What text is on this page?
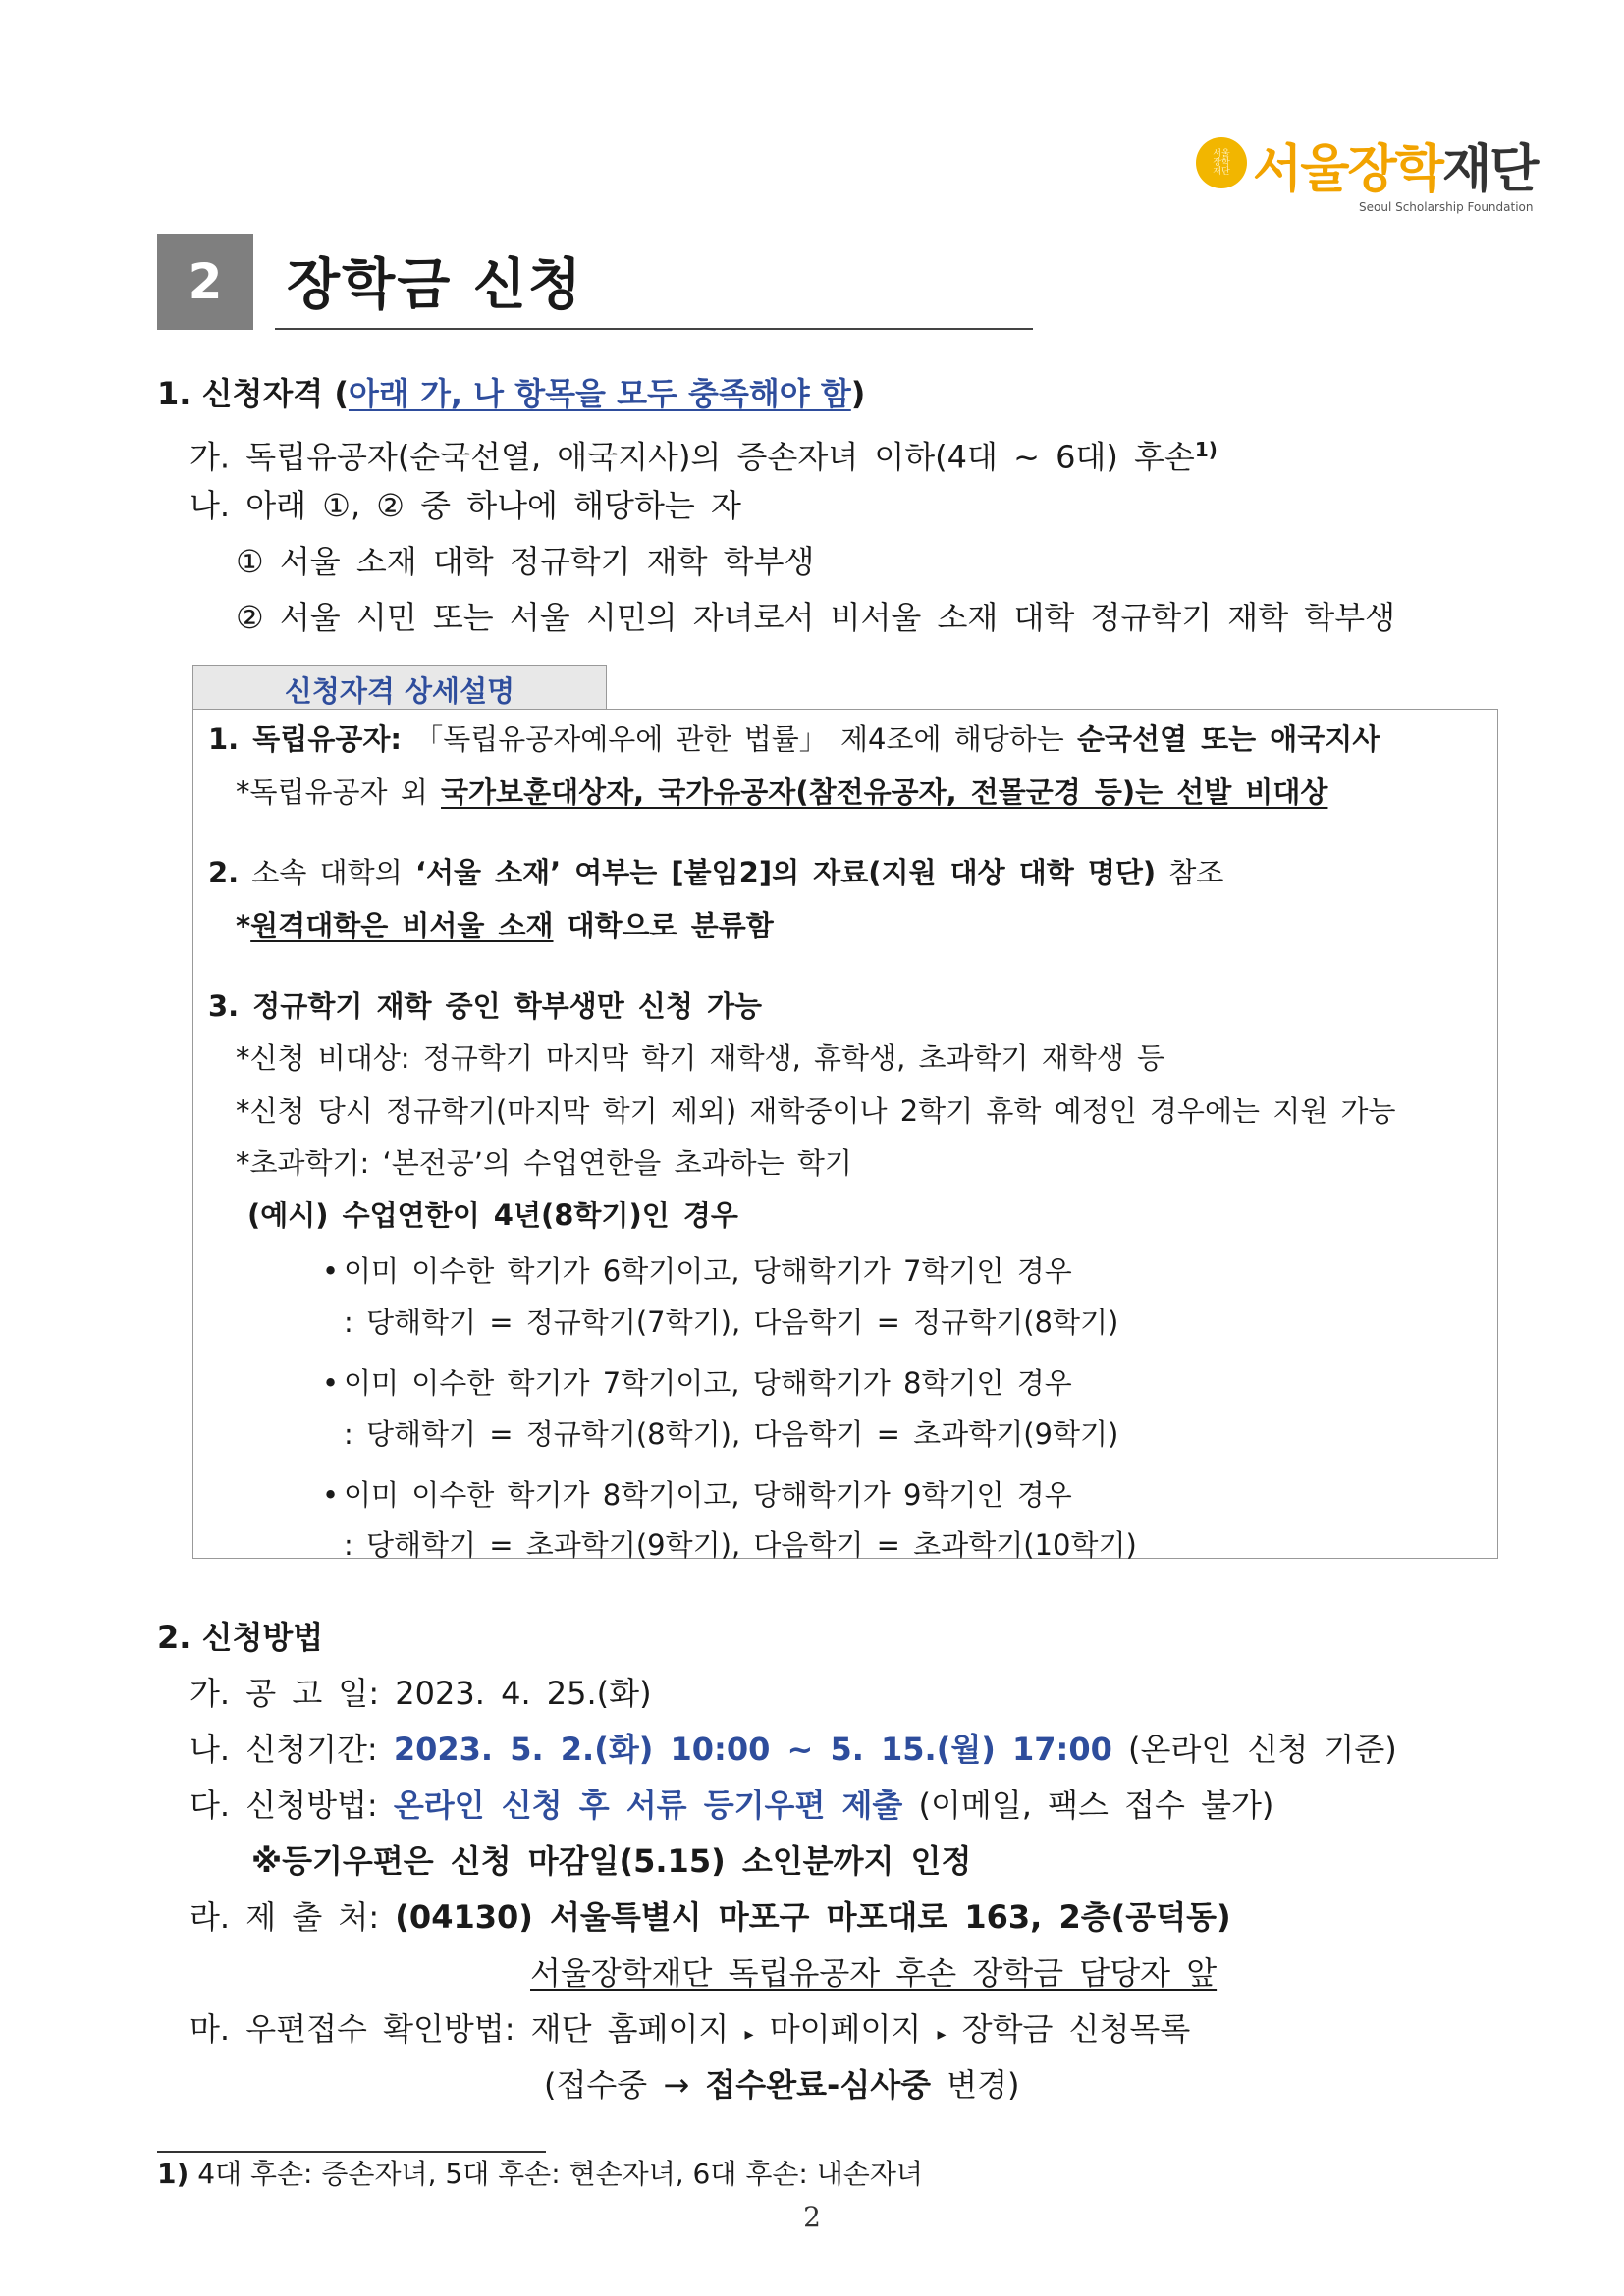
서울
장학
재단 서울장학재단
Seoul Scholarship Foundation
2	장학금 신청
1. 신청자격 (아래 가, 나 항목을 모두 충족해야 함)
가. 독립유공자(순국선열, 애국지사)의 증손자녀 이하(4대 ~ 6대) 후손$^{1)}$
나. 아래 ①, ② 중 하나에 해당하는 자
① 서울 소재 대학 정규학기 재학 학부생
② 서울 시민 또는 서울 시민의 자녀로서 비서울 소재 대학 정규학기 재학 학부생
신청자격 상세설명
1. 독립유공자: 「독립유공자예우에 관한 법률」 제4조에 해당하는 순국선열 또는 애국지사
*독립유공자 외 국가보훈대상자, 국가유공자(참전유공자, 전몰군경 등)는 선발 비대상
2. 소속 대학의 ‘서울 소재’ 여부는 [붙임2]의 자료(지원 대상 대학 명단) 참조
*원격대학은 비서울 소재 대학으로 분류함
3. 정규학기 재학 중인 학부생만 신청 가능
*신청 비대상: 정규학기 마지막 학기 재학생, 휴학생, 초과학기 재학생 등
*신청 당시 정규학기(마지막 학기 제외) 재학중이나 2학기 휴학 예정인 경우에는 지원 가능
*초과학기: ‘본전공’의 수업연한을 초과하는 학기
(예시) 수업연한이 4년(8학기)인 경우
• 이미 이수한 학기가 6학기이고, 당해학기가 7학기인 경우
: 당해학기 = 정규학기(7학기), 다음학기 = 정규학기(8학기)
• 이미 이수한 학기가 7학기이고, 당해학기가 8학기인 경우
: 당해학기 = 정규학기(8학기), 다음학기 = 초과학기(9학기)
• 이미 이수한 학기가 8학기이고, 당해학기가 9학기인 경우
: 당해학기 = 초과학기(9학기), 다음학기 = 초과학기(10학기)
2. 신청방법
가. 공 고 일: 2023. 4. 25.(화)
나. 신청기간: 2023. 5. 2.(화) 10:00 ~ 5. 15.(월) 17:00 (온라인 신청 기준)
다. 신청방법: 온라인 신청 후 서류 등기우편 제출 (이메일, 팩스 접수 불가)
※등기우편은 신청 마감일(5.15) 소인분까지 인정
라. 제 출 처: (04130) 서울특별시 마포구 마포대로 163, 2층(공덕동)
서울장학재단 독립유공자 후손 장학금 담당자 앞
마. 우편접수 확인방법: 재단 홈페이지 ▸ 마이페이지 ▸ 장학금 신청목록
(접수중 → 접수완료-심사중 변경)
1) 4대 후손: 증손자녀, 5대 후손: 현손자녀, 6대 후손: 내손자녀
2
